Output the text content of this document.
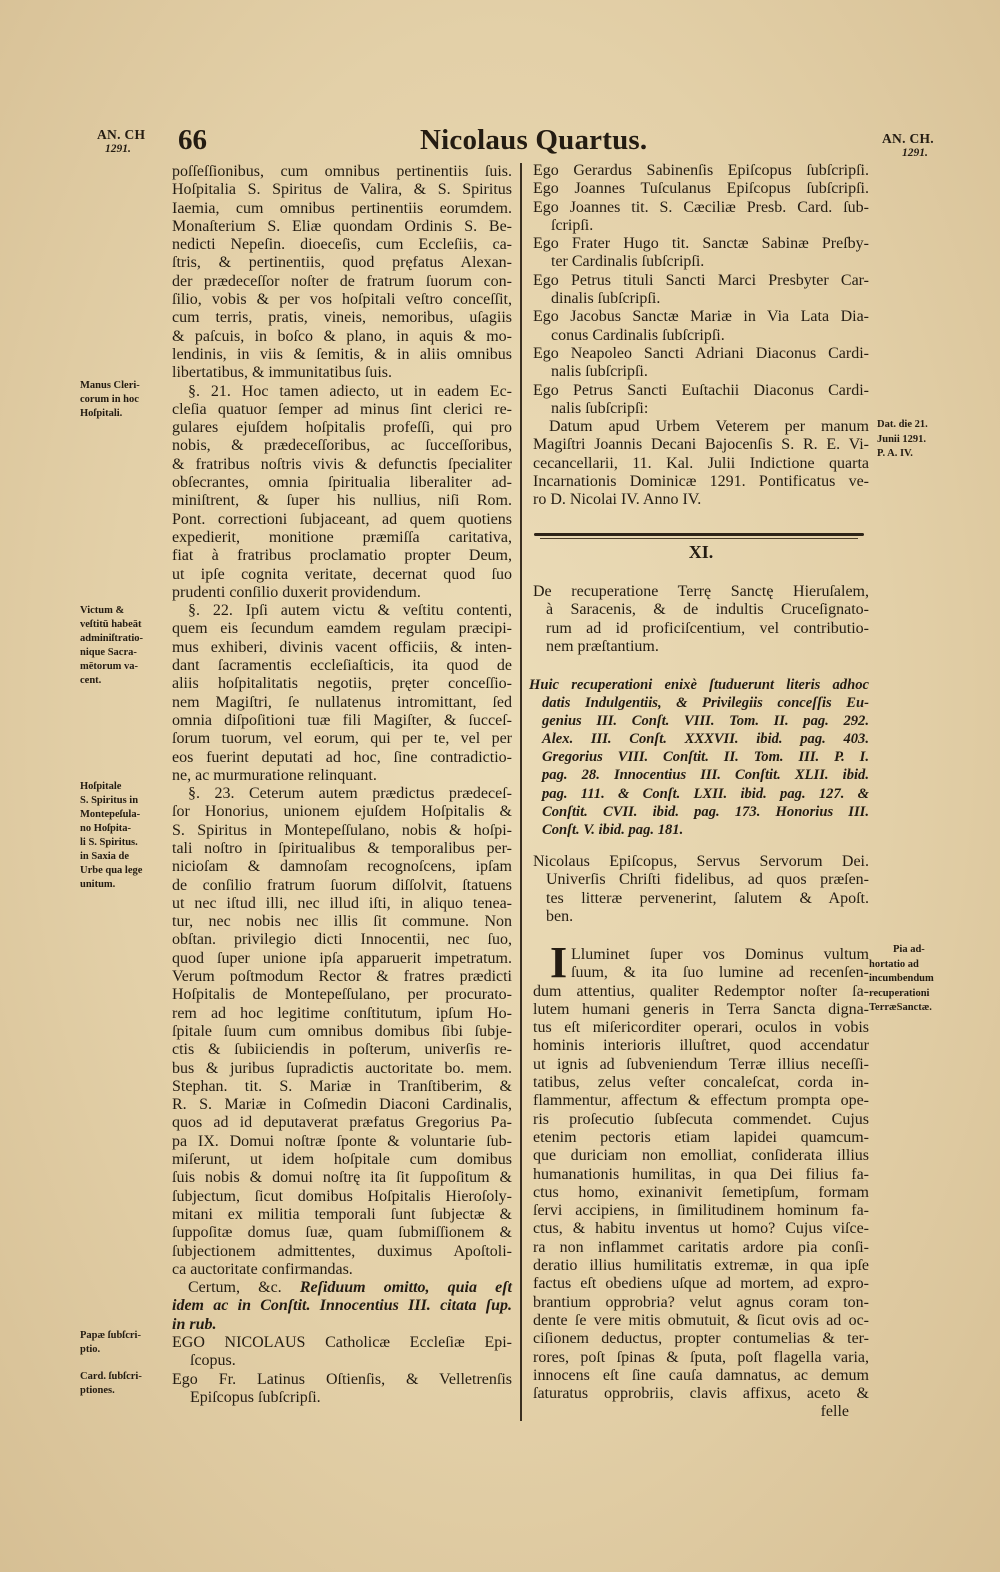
AN. CH
1291.	66	Nicolaus Quartus.	AN. CH.
1291.
Manus Cleri-
corum in hoc
Hoſpitali.
Victum &
veſtitū habeāt
adminiſtratio-
nique Sacra-
mētorum va-
cent.
Hoſpitale
S. Spiritus in
Montepeſula-
no Hoſpita-
li S. Spiritus.
in Saxia de
Urbe qua lege
unitum.
Papæ ſubſcri-
ptio.
Card. ſubſcri-
ptiones.
poſſeſſionibus, cum omnibus pertinentiis ſuis.
Hoſpitalia S. Spiritus de Valira, & S. Spiritus
Iaemia, cum omnibus pertinentiis eorumdem.
Monaſterium S. Eliæ quondam Ordinis S. Be-
nedicti Nepeſin. dioeceſis, cum Eccleſiis, ca-
ſtris, & pertinentiis, quod pręfatus Alexan-
der prædeceſſor noſter de fratrum ſuorum con-
ſilio, vobis & per vos hoſpitali veſtro conceſſit,
cum terris, pratis, vineis, nemoribus, uſagiis
& paſcuis, in boſco & plano, in aquis & mo-
lendinis, in viis & ſemitis, & in aliis omnibus
libertatibus, & immunitatibus ſuis.
§. 21. Hoc tamen adiecto, ut in eadem Ec-
cleſia quatuor ſemper ad minus ſint clerici re-
gulares ejuſdem hoſpitalis profeſſi, qui pro
nobis, & prædeceſſoribus, ac ſucceſſoribus,
& fratribus noſtris vivis & defunctis ſpecialiter
obſecrantes, omnia ſpiritualia liberaliter ad-
miniſtrent, & ſuper his nullius, niſi Rom.
Pont. correctioni ſubjaceant, ad quem quotiens
expedierit, monitione præmiſſa caritativa,
fiat à fratribus proclamatio propter Deum,
ut ipſe cognita veritate, decernat quod ſuo
prudenti conſilio duxerit providendum.
§. 22. Ipſi autem victu & veſtitu contenti,
quem eis ſecundum eamdem regulam præcipi-
mus exhiberi, divinis vacent officiis, & inten-
dant ſacramentis eccleſiaſticis, ita quod de
aliis hoſpitalitatis negotiis, pręter conceſſio-
nem Magiſtri, ſe nullatenus intromittant, ſed
omnia diſpoſitioni tuæ fili Magiſter, & ſucceſ-
ſorum tuorum, vel eorum, qui per te, vel per
eos fuerint deputati ad hoc, ſine contradictio-
ne, ac murmuratione relinquant.
§. 23. Ceterum autem prædictus prædeceſ-
ſor Honorius, unionem ejuſdem Hoſpitalis &
S. Spiritus in Montepeſſulano, nobis & hoſpi-
tali noſtro in ſpiritualibus & temporalibus per-
nicioſam & damnoſam recognoſcens, ipſam
de conſilio fratrum ſuorum diſſolvit, ſtatuens
ut nec iſtud illi, nec illud iſti, in aliquo tenea-
tur, nec nobis nec illis ſit commune. Non
obſtan. privilegio dicti Innocentii, nec ſuo,
quod ſuper unione ipſa apparuerit impetratum.
Verum poſtmodum Rector & fratres prædicti
Hoſpitalis de Montepeſſulano, per procurato-
rem ad hoc legitime conſtitutum, ipſum Ho-
ſpitale ſuum cum omnibus domibus ſibi ſubje-
ctis & ſubiiciendis in poſterum, univerſis re-
bus & juribus ſupradictis auctoritate bo. mem.
Stephan. tit. S. Mariæ in Tranſtiberim, &
R. S. Mariæ in Coſmedin Diaconi Cardinalis,
quos ad id deputaverat præfatus Gregorius Pa-
pa IX. Domui noſtræ ſponte & voluntarie ſub-
miſerunt, ut idem hoſpitale cum domibus
ſuis nobis & domui noſtrę ita ſit ſuppoſitum &
ſubjectum, ſicut domibus Hoſpitalis Hieroſoly-
mitani ex militia temporali ſunt ſubjectæ &
ſuppoſitæ domus ſuæ, quam ſubmiſſionem &
ſubjectionem admittentes, duximus Apoſtoli-
ca auctoritate confirmandas.
Certum, &c. Reſiduum omitto, quia eſt
idem ac in Conſtit. Innocentius III. citata ſup.
in rub.
EGO NICOLAUS Catholicæ Eccleſiæ Epi-
ſcopus.
Ego Fr. Latinus Oſtienſis, & Velletrenſis
Epiſcopus ſubſcripſi.
Ego Gerardus Sabinenſis Epiſcopus ſubſcripſi.
Ego Joannes Tuſculanus Epiſcopus ſubſcripſi.
Ego Joannes tit. S. Cæciliæ Presb. Card. ſub-
ſcripſi.
Ego Frater Hugo tit. Sanctæ Sabinæ Preſby-
ter Cardinalis ſubſcripſi.
Ego Petrus tituli Sancti Marci Presbyter Car-
dinalis ſubſcripſi.
Ego Jacobus Sanctæ Mariæ in Via Lata Dia-
conus Cardinalis ſubſcripſi.
Ego Neapoleo Sancti Adriani Diaconus Cardi-
nalis ſubſcripſi.
Ego Petrus Sancti Euſtachii Diaconus Cardi-
nalis ſubſcripſi:
Datum apud Urbem Veterem per manum
Magiſtri Joannis Decani Bajocenſis S. R. E. Vi-
cecancellarii, 11. Kal. Julii Indictione quarta
Incarnationis Dominicæ 1291. Pontificatus ve-
ro D. Nicolai IV. Anno IV.
XI.
De recuperatione Terrę Sanctę Hieruſalem,
à Saracenis, & de indultis Cruceſignato-
rum ad id proficiſcentium, vel contributio-
nem præſtantium.
Huic recuperationi enixè ſtuduerunt literis adhoc
datis Indulgentiis, & Privilegiis conceſſis Eu-
genius III. Conſt. VIII. Tom. II. pag. 292.
Alex. III. Conſt. XXXVII. ibid. pag. 403.
Gregorius VIII. Conſtit. II. Tom. III. P. I.
pag. 28. Innocentius III. Conſtit. XLII. ibid.
pag. 111. & Conſt. LXII. ibid. pag. 127. &
Conſtit. CVII. ibid. pag. 173. Honorius III.
Conſt. V. ibid. pag. 181.
Nicolaus Epiſcopus, Servus Servorum Dei.
Univerſis Chriſti fidelibus, ad quos præſen-
tes litteræ pervenerint, ſalutem & Apoſt.
ben.
I Lluminet ſuper vos Dominus vultum
ſuum, & ita ſuo lumine ad recenſen-
dum attentius, qualiter Redemptor noſter ſa-
lutem humani generis in Terra Sancta digna-
tus eſt miſericorditer operari, oculos in vobis
hominis interioris illuſtret, quod accendatur
ut ignis ad ſubveniendum Terræ illius neceſſi-
tatibus, zelus veſter concaleſcat, corda in-
flammentur, affectum & effectum prompta ope-
ris proſecutio ſubſecuta commendet. Cujus
etenim pectoris etiam lapidei quamcum-
que duriciam non emolliat, conſiderata illius
humanationis humilitas, in qua Dei filius fa-
ctus homo, exinanivit ſemetipſum, formam
ſervi accipiens, in ſimilitudinem hominum fa-
ctus, & habitu inventus ut homo? Cujus viſce-
ra non inflammet caritatis ardore pia conſi-
deratio illius humilitatis extremæ, in qua ipſe
factus eſt obediens uſque ad mortem, ad expro-
brantium opprobria? velut agnus coram ton-
dente ſe vere mitis obmutuit, & ſicut ovis ad oc-
ciſionem deductus, propter contumelias & ter-
rores, poſt ſpinas & ſputa, poſt flagella varia,
innocens eſt ſine cauſa damnatus, ac demum
ſaturatus opprobriis, clavis affixus, aceto &
felle
Dat. die 21.
Junii 1291.
P. A. IV.
Pia ad-
hortatio ad
incumbendum
recuperationi
TerræSanctæ.
